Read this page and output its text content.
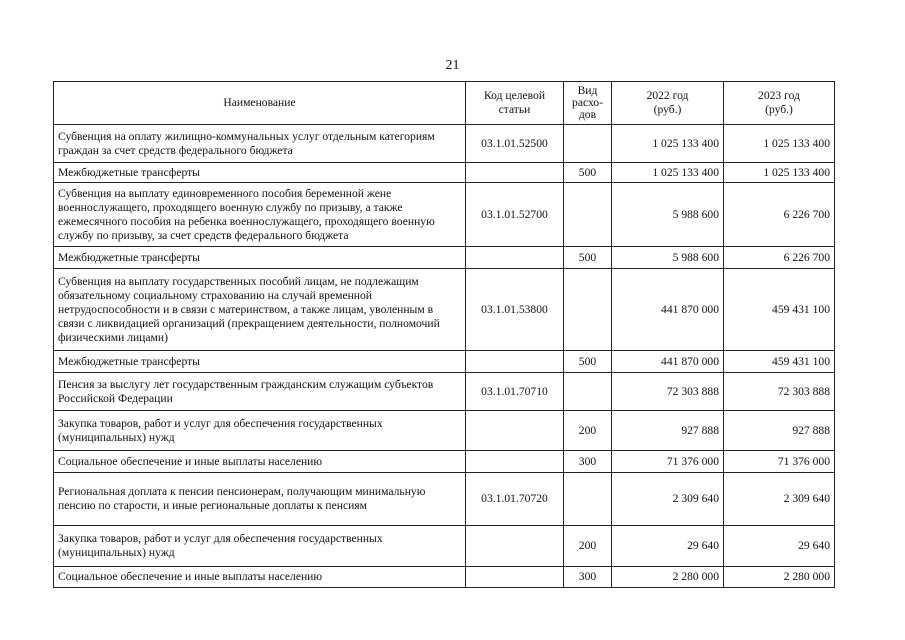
21
Наименование	Код целевой статьи	Вид расхо-дов	2022 год (руб.)	2023 год (руб.)
Субвенция на оплату жилищно-коммунальных услуг отдельным категориям граждан за счет средств федерального бюджета	03.1.01.52500		1 025 133 400	1 025 133 400
Межбюджетные трансферты		500	1 025 133 400	1 025 133 400
Субвенция на выплату единовременного пособия беременной жене военнослужащего, проходящего военную службу по призыву, а также ежемесячного пособия на ребенка военнослужащего, проходящего военную службу по призыву, за счет средств федерального бюджета	03.1.01.52700		5 988 600	6 226 700
Межбюджетные трансферты		500	5 988 600	6 226 700
Субвенция на выплату государственных пособий лицам, не подлежащим обязательному социальному страхованию на случай временной нетрудоспособности и в связи с материнством, а также лицам, уволенным в связи с ликвидацией организаций (прекращением деятельности, полномочий физическими лицами)	03.1.01.53800		441 870 000	459 431 100
Межбюджетные трансферты		500	441 870 000	459 431 100
Пенсия за выслугу лет государственным гражданским служащим субъектов Российской Федерации	03.1.01.70710		72 303 888	72 303 888
Закупка товаров, работ и услуг для обеспечения государственных (муниципальных) нужд		200	927 888	927 888
Социальное обеспечение и иные выплаты населению		300	71 376 000	71 376 000
Региональная доплата к пенсии пенсионерам, получающим минимальную пенсию по старости, и иные региональные доплаты к пенсиям	03.1.01.70720		2 309 640	2 309 640
Закупка товаров, работ и услуг для обеспечения государственных (муниципальных) нужд		200	29 640	29 640
Социальное обеспечение и иные выплаты населению		300	2 280 000	2 280 000
